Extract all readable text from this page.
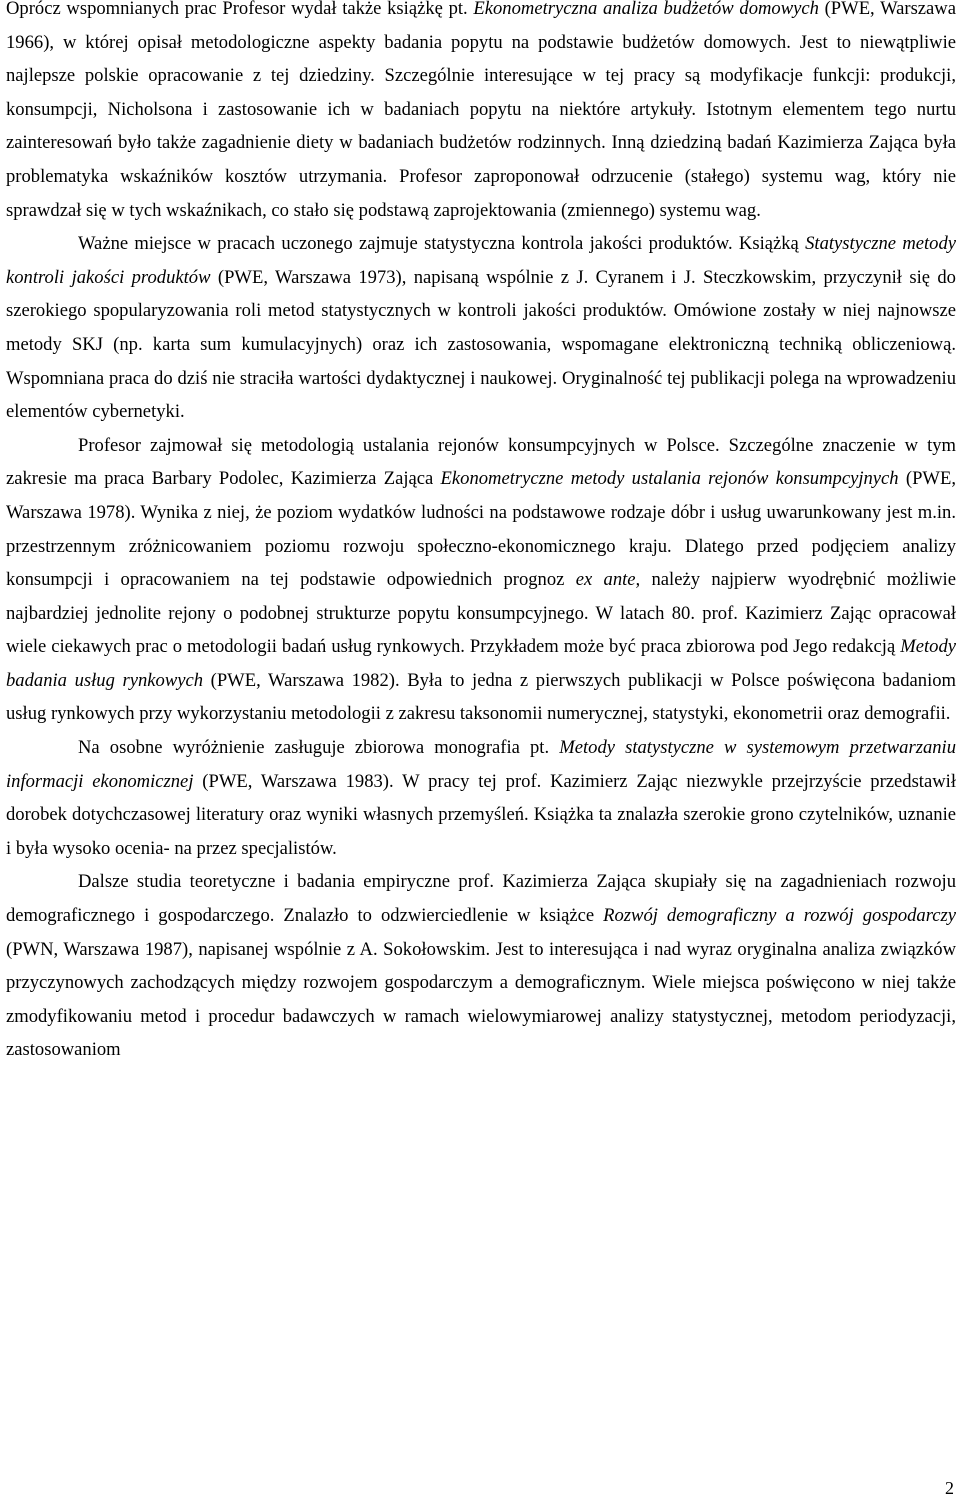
Oprócz wspomnianych prac Profesor wydał także książkę pt. Ekonometryczna analiza budżetów domowych (PWE, Warszawa 1966), w której opisał metodologiczne aspekty badania popytu na podstawie budżetów domowych. Jest to niewątpliwie najlepsze polskie opracowanie z tej dziedziny. Szczególnie interesujące w tej pracy są modyfikacje funkcji: produkcji, konsumpcji, Nicholsona i zastosowanie ich w badaniach popytu na niektóre artykuły. Istotnym elementem tego nurtu zainteresowań było także zagadnienie diety w badaniach budżetów rodzinnych. Inną dziedziną badań Kazimierza Zająca była problematyka wskaźników kosztów utrzymania. Profesor zaproponował odrzucenie (stałego) systemu wag, który nie sprawdzał się w tych wskaźnikach, co stało się podstawą zaprojektowania (zmiennego) systemu wag.

Ważne miejsce w pracach uczonego zajmuje statystyczna kontrola jakości produktów. Książką Statystyczne metody kontroli jakości produktów (PWE, Warszawa 1973), napisaną wspólnie z J. Cyranem i J. Steczkowskim, przyczynił się do szerokiego spopularyzowania roli metod statystycznych w kontroli jakości produktów. Omówione zostały w niej najnowsze metody SKJ (np. karta sum kumulacyjnych) oraz ich zastosowania, wspomagane elektroniczną techniką obliczeniową. Wspomniana praca do dziś nie straciła wartości dydaktycznej i naukowej. Oryginalność tej publikacji polega na wprowadzeniu elementów cybernetyki.

Profesor zajmował się metodologią ustalania rejonów konsumpcyjnych w Polsce. Szczególne znaczenie w tym zakresie ma praca Barbary Podolec, Kazimierza Zająca Ekonometryczne metody ustalania rejonów konsumpcyjnych (PWE, Warszawa 1978). Wynika z niej, że poziom wydatków ludności na podstawowe rodzaje dóbr i usług uwarunkowany jest m.in. przestrzennym zróżnicowaniem poziomu rozwoju społeczno-ekonomicznego kraju. Dlatego przed podjęciem analizy konsumpcji i opracowaniem na tej podstawie odpowiednich prognoz ex ante, należy najpierw wyodrębnić możliwie najbardziej jednolite rejony o podobnej strukturze popytu konsumpcyjnego. W latach 80. prof. Kazimierz Zając opracował wiele ciekawych prac o metodologii badań usług rynkowych. Przykładem może być praca zbiorowa pod Jego redakcją Metody badania usług rynkowych (PWE, Warszawa 1982). Była to jedna z pierwszych publikacji w Polsce poświęcona badaniom usług rynkowych przy wykorzystaniu metodologii z zakresu taksonomii numerycznej, statystyki, ekonometrii oraz demografii.

Na osobne wyróżnienie zasługuje zbiorowa monografia pt. Metody statystyczne w systemowym przetwarzaniu informacji ekonomicznej (PWE, Warszawa 1983). W pracy tej prof. Kazimierz Zając niezwykle przejrzyście przedstawił dorobek dotychczasowej literatury oraz wyniki własnych przemyśleń. Książka ta znalazła szerokie grono czytelników, uznanie i była wysoko ocenia- na przez specjalistów.

Dalsze studia teoretyczne i badania empiryczne prof. Kazimierza Zająca skupiały się na zagadnieniach rozwoju demograficznego i gospodarczego. Znalazło to odzwierciedlenie w książce Rozwój demograficzny a rozwój gospodarczy (PWN, Warszawa 1987), napisanej wspólnie z A. Sokołowskim. Jest to interesująca i nad wyraz oryginalna analiza związków przyczynowych zachodzących między rozwojem gospodarczym a demograficznym. Wiele miejsca poświęcono w niej także zmodyfikowaniu metod i procedur badawczych w ramach wielowymiarowej analizy statystycznej, metodom periodyzacji, zastosowaniom

2
